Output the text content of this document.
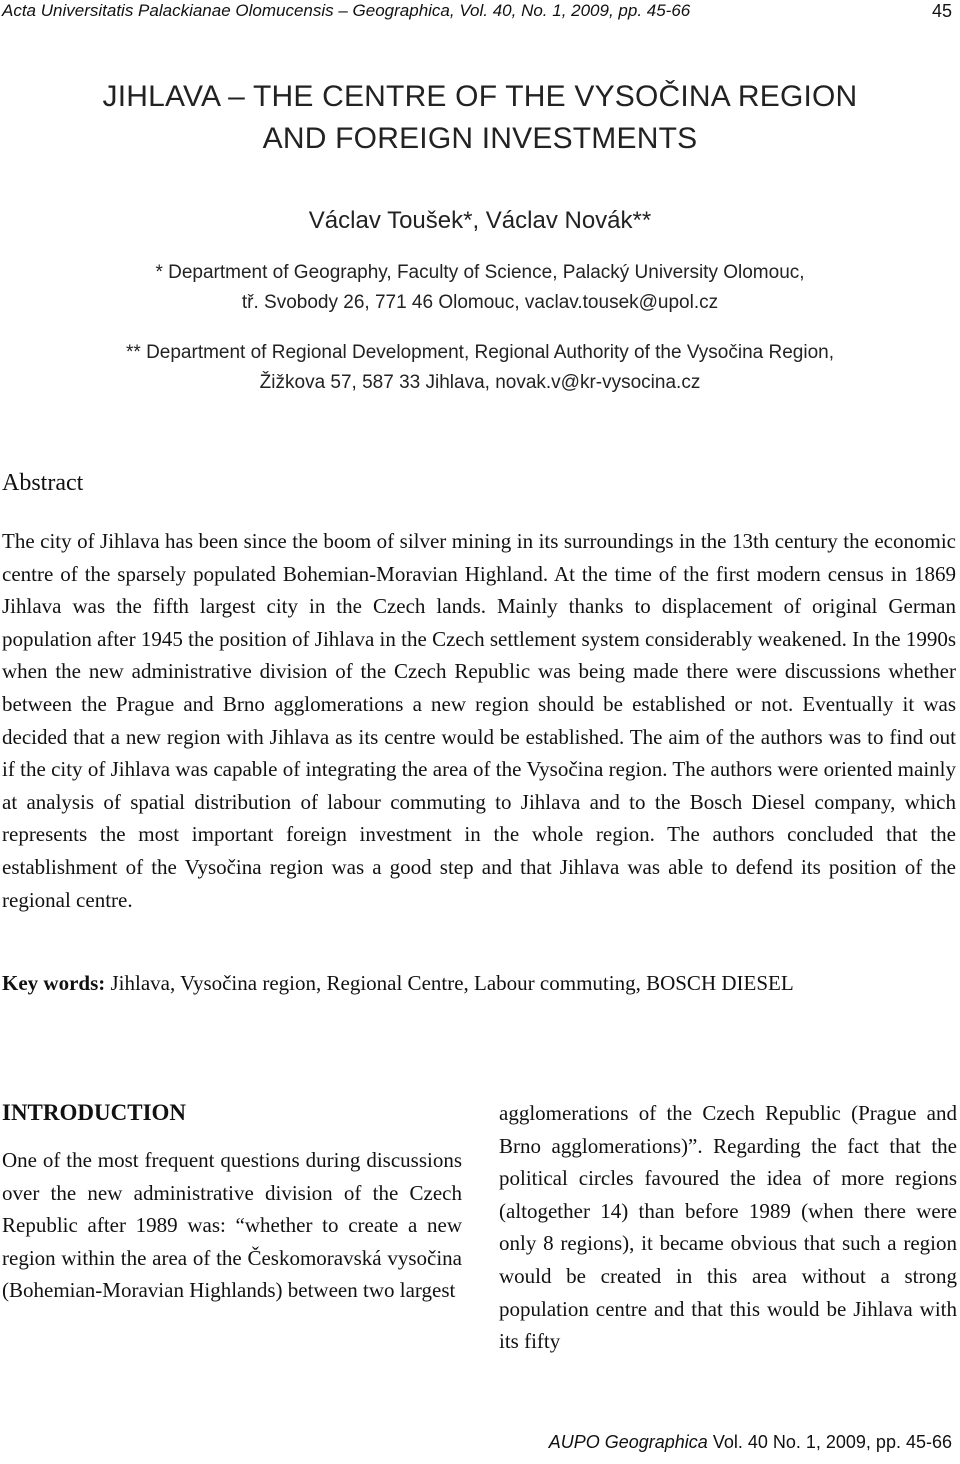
Acta Universitatis Palackianae Olomucensis – Geographica, Vol. 40, No. 1, 2009, pp. 45-66	45
JIHLAVA – THE CENTRE OF THE VYSOČINA REGION
AND FOREIGN INVESTMENTS
Václav Toušek*, Václav Novák**
* Department of Geography, Faculty of Science, Palacký University Olomouc,
tř. Svobody 26, 771 46 Olomouc, vaclav.tousek@upol.cz
** Department of Regional Development, Regional Authority of the Vysočina Region,
Žižkova 57, 587 33 Jihlava, novak.v@kr-vysocina.cz
Abstract
The city of Jihlava has been since the boom of silver mining in its surroundings in the 13th century the economic centre of the sparsely populated Bohemian-Moravian Highland. At the time of the first modern census in 1869 Jihlava was the fifth largest city in the Czech lands. Mainly thanks to displacement of original German population after 1945 the position of Jihlava in the Czech settlement system considerably weakened. In the 1990s when the new administrative division of the Czech Republic was being made there were discussions whether between the Prague and Brno agglomerations a new region should be established or not. Eventually it was decided that a new region with Jihlava as its centre would be established. The aim of the authors was to find out if the city of Jihlava was capable of integrating the area of the Vysočina region. The authors were oriented mainly at analysis of spatial distribution of labour commuting to Jihlava and to the Bosch Diesel company, which represents the most important foreign investment in the whole region. The authors concluded that the establishment of the Vysočina region was a good step and that Jihlava was able to defend its position of the regional centre.
Key words: Jihlava, Vysočina region, Regional Centre, Labour commuting, BOSCH DIESEL
INTRODUCTION
One of the most frequent questions during discussions over the new administrative division of the Czech Republic after 1989 was: “whether to create a new region within the area of the Českomoravská vysočina (Bohemian-Moravian Highlands) between two largest
agglomerations of the Czech Republic (Prague and Brno agglomerations)”. Regarding the fact that the political circles favoured the idea of more regions (altogether 14) than before 1989 (when there were only 8 regions), it became obvious that such a region would be created in this area without a strong population centre and that this would be Jihlava with its fifty
AUPO Geographica Vol. 40 No. 1, 2009, pp. 45-66
